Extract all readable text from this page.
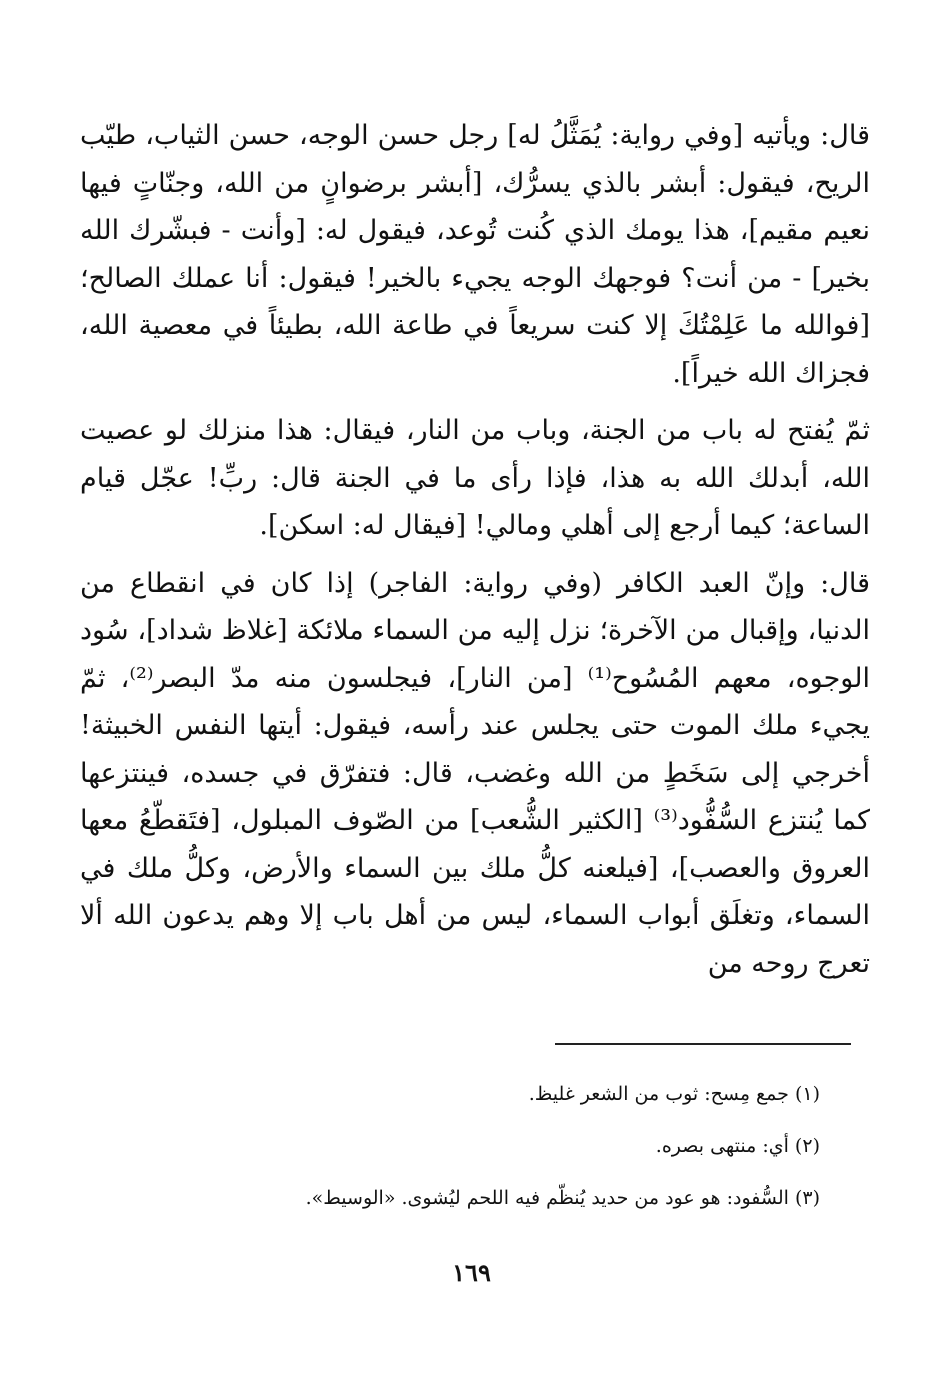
قال: ويأتيه [وفي رواية: يُمَثَّلُ له] رجل حسن الوجه، حسن الثياب، طيّب الريح، فيقول: أبشر بالذي يسرُّك، [أبشر برضوانٍ من الله، وجنّاتٍ فيها نعيم مقيم]، هذا يومك الذي كُنت تُوعد، فيقول له: [وأنت - فبشّرك الله بخير] - من أنت؟ فوجهك الوجه يجيء بالخير! فيقول: أنا عملك الصالح؛ [فوالله ما عَلِمْتُكَ إلا كنت سريعاً في طاعة الله، بطيئاً في معصية الله، فجزاك الله خيراً].

ثمّ يُفتح له باب من الجنة، وباب من النار، فيقال: هذا منزلك لو عصيت الله، أبدلك الله به هذا، فإذا رأى ما في الجنة قال: ربِّ! عجّل قيام الساعة؛ كيما أرجع إلى أهلي ومالي! [فيقال له: اسكن].

قال: وإنّ العبد الكافر (وفي رواية: الفاجر) إذا كان في انقطاع من الدنيا، وإقبال من الآخرة؛ نزل إليه من السماء ملائكة [غلاظ شداد]، سُود الوجوه، معهم المُسُوح⁽¹⁾ [من النار]، فيجلسون منه مدّ البصر⁽²⁾، ثمّ يجيء ملك الموت حتى يجلس عند رأسه، فيقول: أيتها النفس الخبيثة! أخرجي إلى سَخَطٍ من الله وغضب، قال: فتفرّق في جسده، فينتزعها كما يُنتزع السُّفُّود⁽³⁾ [الكثير الشُّعب] من الصّوف المبلول، [فتَقطّعُ معها العروق والعصب]، [فيلعنه كلُّ ملك بين السماء والأرض، وكلُّ ملك في السماء، وتغلَق أبواب السماء، ليس من أهل باب إلا وهم يدعون الله ألا تعرج روحه من

(١) جمع مِسح: ثوب من الشعر غليظ.

(٢) أي: منتهى بصره.

(٣) السُّفود: هو عود من حديد يُنظّم فيه اللحم ليُشوى. «الوسيط».

١٦٩
